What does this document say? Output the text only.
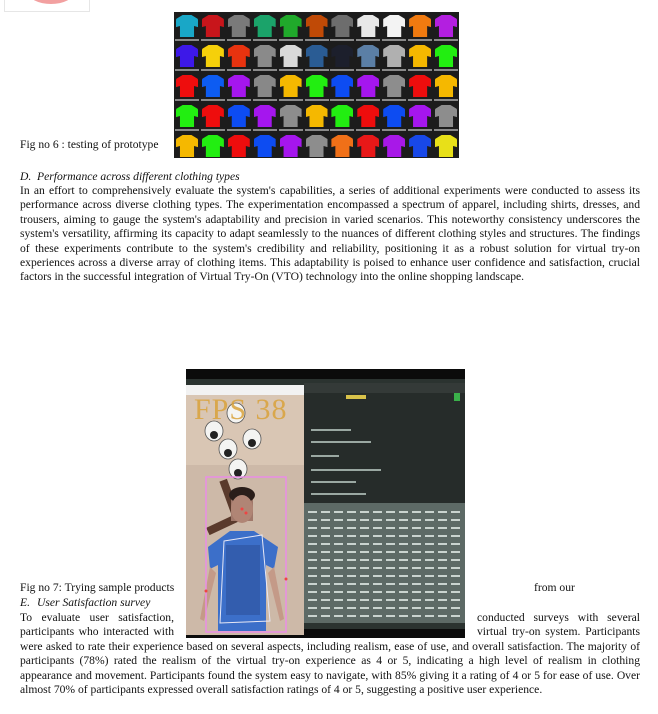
Fig no 6 : testing of prototype
D. Performance across different clothing types
In an effort to comprehensively evaluate the system's capabilities, a series of additional experiments were conducted to assess its performance across diverse clothing types. The experimentation encompassed a spectrum of apparel, including shirts, dresses, and trousers, aiming to gauge the system's adaptability and precision in varied scenarios. This noteworthy consistency underscores the system's versatility, affirming its capacity to adapt seamlessly to the nuances of different clothing styles and structures. The findings of these experiments contribute to the system's credibility and reliability, positioning it as a robust solution for virtual try-on experiences across a diverse array of clothing items. This adaptability is poised to enhance user confidence and satisfaction, crucial factors in the successful integration of Virtual Try-On (VTO) technology into the online shopping landscape.
FPS 38
Fig no 7: Trying sample products	from our
E. User Satisfaction survey
To evaluate user satisfaction,	conducted surveys with several
participants who interacted with	virtual try-on system. Participants
were asked to rate their experience based on several aspects, including realism, ease of use, and overall satisfaction. The majority of participants (78%) rated the realism of the virtual try-on experience as 4 or 5, indicating a high level of realism in clothing appearance and movement. Participants found the system easy to navigate, with 85% giving it a rating of 4 or 5 for ease of use. Over almost 70% of participants expressed overall satisfaction ratings of 4 or 5, suggesting a positive user experience.
